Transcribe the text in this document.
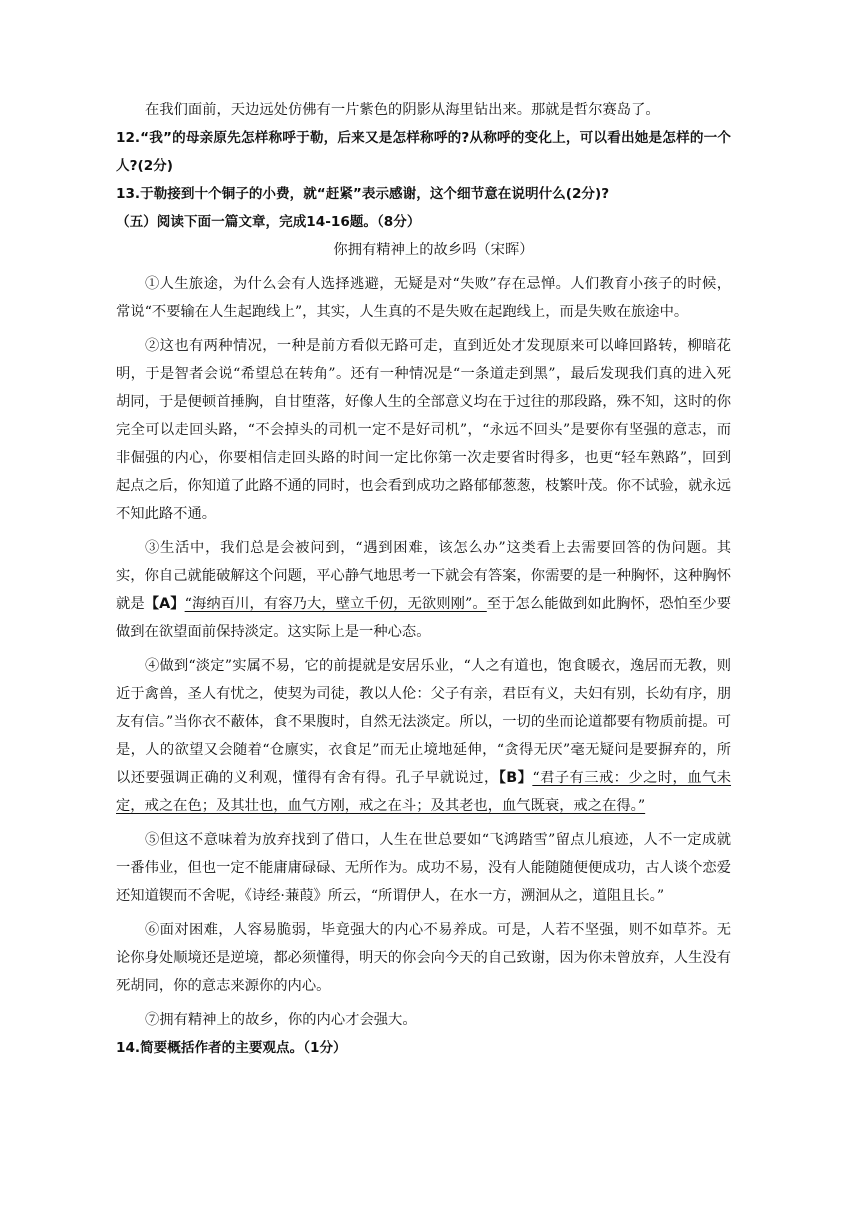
在我们面前，天边远处仿佛有一片紫色的阴影从海里钻出来。那就是哲尔赛岛了。

12.“我”的母亲原先怎样称呼于勒，后来又是怎样称呼的?从称呼的变化上，可以看出她是怎样的一个人?(2分)

13.于勒接到十个铜子的小费，就“赶紧”表示感谢，这个细节意在说明什么(2分)?

（五）阅读下面一篇文章，完成14-16题。（8分）

你拥有精神上的故乡吗（宋晖）

①人生旅途，为什么会有人选择逃避，无疑是对“失败”存在忌惮。人们教育小孩子的时候，常说“不要输在人生起跑线上”，其实，人生真的不是失败在起跑线上，而是失败在旅途中。

②这也有两种情况，一种是前方看似无路可走，直到近处才发现原来可以峰回路转，柳暗花明，于是智者会说“希望总在转角”。还有一种情况是“一条道走到黑”，最后发现我们真的进入死胡同，于是便顿首捶胸，自甘堕落，好像人生的全部意义均在于过往的那段路，殊不知，这时的你完全可以走回头路，“不会掉头的司机一定不是好司机”，“永远不回头”是要你有坚强的意志，而非倔强的内心，你要相信走回头路的时间一定比你第一次走要省时得多，也更“轻车熟路”，回到起点之后，你知道了此路不通的同时，也会看到成功之路郁郁葱葱，枝繁叶茂。你不试验，就永远不知此路不通。

③生活中，我们总是会被问到，“遇到困难，该怎么办”这类看上去需要回答的伪问题。其实，你自己就能破解这个问题，平心静气地思考一下就会有答案，你需要的是一种胸怀，这种胸怀就是【A】“海纳百川，有容乃大，壁立千仞，无欲则刚”。至于怎么能做到如此胸怀，恐怕至少要做到在欲望面前保持淡定。这实际上是一种心态。

④做到“淡定”实属不易，它的前提就是安居乐业，“人之有道也，饱食暖衣，逸居而无教，则近于禽兽，圣人有忧之，使契为司徒，教以人伦：父子有亲，君臣有义，夫妇有别，长幼有序，朋友有信。”当你衣不蔽体，食不果腹时，自然无法淡定。所以，一切的坐而论道都要有物质前提。可是，人的欲望又会随着“仓廪实，衣食足”而无止境地延伸，“贪得无厌”毫无疑问是要摒弃的，所以还要强调正确的义利观，懂得有舍有得。孔子早就说过，【B】“君子有三戒：少之时，血气未定，戒之在色；及其壮也，血气方刚，戒之在斗；及其老也，血气既衰，戒之在得。”

⑤但这不意味着为放弃找到了借口，人生在世总要如“飞鸿踏雪”留点儿痕迹，人不一定成就一番伟业，但也一定不能庸庸碌碌、无所作为。成功不易，没有人能随随便便成功，古人谈个恋爱还知道锲而不舍呢，《诗经·蒹葭》所云，“所谓伊人，在水一方，溯洄从之，道阻且长。”

⑥面对困难，人容易脆弱，毕竟强大的内心不易养成。可是，人若不坚强，则不如草芥。无论你身处顺境还是逆境，都必须懂得，明天的你会向今天的自己致谢，因为你未曾放弃，人生没有死胡同，你的意志来源你的内心。

⑦拥有精神上的故乡，你的内心才会强大。

14.简要概括作者的主要观点。（1分）
